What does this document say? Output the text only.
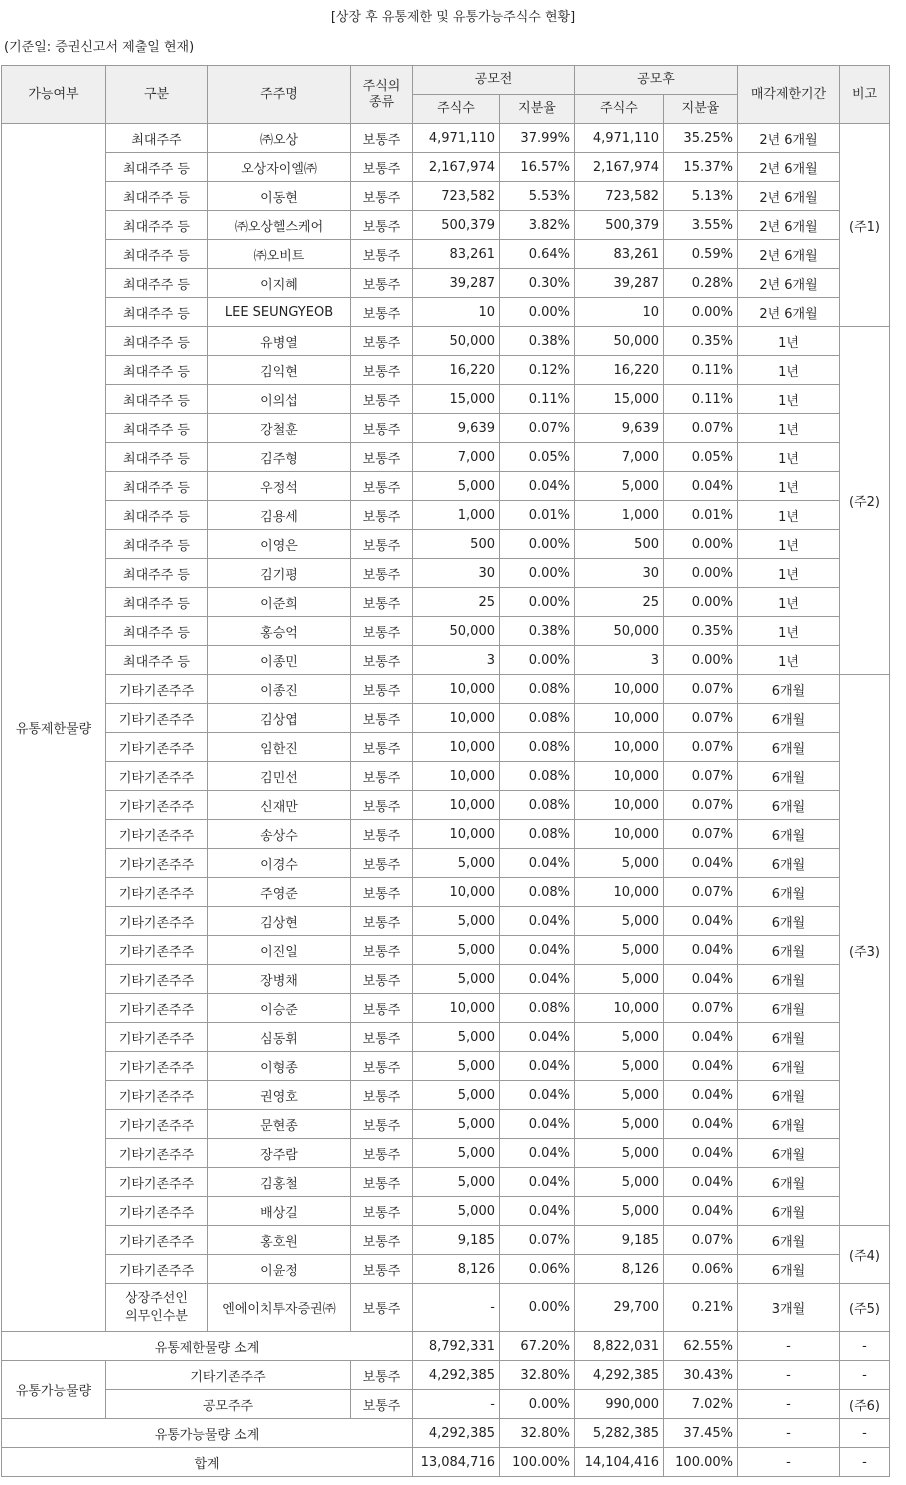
[상장 후 유통제한 및 유통가능주식수 현황]
(기준일: 증권신고서 제출일 현재)
가능여부	구분	주주명	주식의
종류	공모전		공모후		매각제한기간	비고
				주식수	지분율	주식수	지분율		
유통제한물량	최대주주	㈜오상	보통주	4,971,110	37.99%	4,971,110	35.25%	2년 6개월	(주1)
	최대주주 등	오상자이엘㈜	보통주	2,167,974	16.57%	2,167,974	15.37%	2년 6개월	
	최대주주 등	이동현	보통주	723,582	5.53%	723,582	5.13%	2년 6개월	
	최대주주 등	㈜오상헬스케어	보통주	500,379	3.82%	500,379	3.55%	2년 6개월	
	최대주주 등	㈜오비트	보통주	83,261	0.64%	83,261	0.59%	2년 6개월	
	최대주주 등	이지혜	보통주	39,287	0.30%	39,287	0.28%	2년 6개월	
	최대주주 등	LEE SEUNGYEOB	보통주	10	0.00%	10	0.00%	2년 6개월	
	최대주주 등	유병열	보통주	50,000	0.38%	50,000	0.35%	1년	(주2)
	최대주주 등	김익현	보통주	16,220	0.12%	16,220	0.11%	1년	
	최대주주 등	이의섭	보통주	15,000	0.11%	15,000	0.11%	1년	
	최대주주 등	강철훈	보통주	9,639	0.07%	9,639	0.07%	1년	
	최대주주 등	김주형	보통주	7,000	0.05%	7,000	0.05%	1년	
	최대주주 등	우정석	보통주	5,000	0.04%	5,000	0.04%	1년	
	최대주주 등	김용세	보통주	1,000	0.01%	1,000	0.01%	1년	
	최대주주 등	이영은	보통주	500	0.00%	500	0.00%	1년	
	최대주주 등	김기평	보통주	30	0.00%	30	0.00%	1년	
	최대주주 등	이준희	보통주	25	0.00%	25	0.00%	1년	
	최대주주 등	홍승억	보통주	50,000	0.38%	50,000	0.35%	1년	
	최대주주 등	이종민	보통주	3	0.00%	3	0.00%	1년	
	기타기존주주	이종진	보통주	10,000	0.08%	10,000	0.07%	6개월	(주3)
	기타기존주주	김상엽	보통주	10,000	0.08%	10,000	0.07%	6개월	
	기타기존주주	임한진	보통주	10,000	0.08%	10,000	0.07%	6개월	
	기타기존주주	김민선	보통주	10,000	0.08%	10,000	0.07%	6개월	
	기타기존주주	신재만	보통주	10,000	0.08%	10,000	0.07%	6개월	
	기타기존주주	송상수	보통주	10,000	0.08%	10,000	0.07%	6개월	
	기타기존주주	이경수	보통주	5,000	0.04%	5,000	0.04%	6개월	
	기타기존주주	주영준	보통주	10,000	0.08%	10,000	0.07%	6개월	
	기타기존주주	김상현	보통주	5,000	0.04%	5,000	0.04%	6개월	
	기타기존주주	이진일	보통주	5,000	0.04%	5,000	0.04%	6개월	
	기타기존주주	장병채	보통주	5,000	0.04%	5,000	0.04%	6개월	
	기타기존주주	이승준	보통주	10,000	0.08%	10,000	0.07%	6개월	
	기타기존주주	심동휘	보통주	5,000	0.04%	5,000	0.04%	6개월	
	기타기존주주	이형종	보통주	5,000	0.04%	5,000	0.04%	6개월	
	기타기존주주	권영호	보통주	5,000	0.04%	5,000	0.04%	6개월	
	기타기존주주	문현종	보통주	5,000	0.04%	5,000	0.04%	6개월	
	기타기존주주	장주람	보통주	5,000	0.04%	5,000	0.04%	6개월	
	기타기존주주	김홍철	보통주	5,000	0.04%	5,000	0.04%	6개월	
	기타기존주주	배상길	보통주	5,000	0.04%	5,000	0.04%	6개월	
	기타기존주주	홍호원	보통주	9,185	0.07%	9,185	0.07%	6개월	(주4)
	기타기존주주	이윤정	보통주	8,126	0.06%	8,126	0.06%	6개월	
	상장주선인
의무인수분	엔에이치투자증권㈜	보통주	-	0.00%	29,700	0.21%	3개월	(주5)
유통제한물량 소계				8,792,331	67.20%	8,822,031	62.55%	-	-
유통가능물량	기타기존주주		보통주	4,292,385	32.80%	4,292,385	30.43%	-	-
	공모주주		보통주	-	0.00%	990,000	7.02%	-	(주6)
유통가능물량 소계				4,292,385	32.80%	5,282,385	37.45%	-	-
합계				13,084,716	100.00%	14,104,416	100.00%	-	-
